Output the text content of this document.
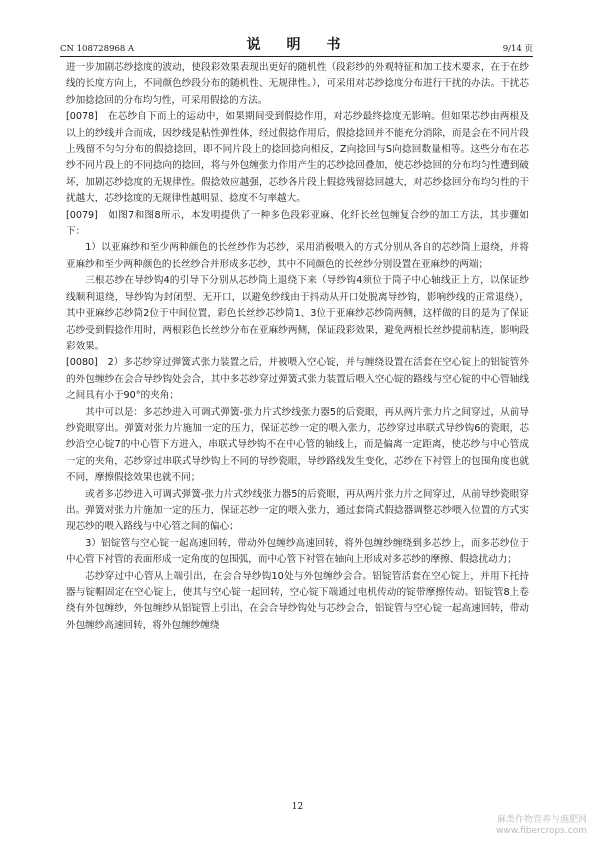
CN 108728968 A	说　明　书	9/14 页

进一步加剧芯纱捻度的波动，使段彩效果表现出更好的随机性（段彩纱的外观特征和加工技术要求，在于在纱线的长度方向上，不同颜色纱段分布的随机性、无规律性。），可采用对芯纱捻度分布进行干扰的办法。干扰芯纱加捻捻回的分布均匀性，可采用假捻的方法。

[0078]　在芯纱自下而上的运动中，如果期间受到假捻作用，对芯纱最终捻度无影响。但如果芯纱由两根及以上的纱线并合而成，因纱线是粘性弹性体，经过假捻作用后，假捻捻回并不能充分消除，而是会在不同片段上残留不匀匀分布的假捻捻回，即不同片段上的捻回捻向相反，Z向捻回与S向捻回数量相等。这些分布在芯纱不同片段上的不同捻向的捻回，将与外包缠张力作用产生的芯纱捻回叠加，使芯纱捻回的分布均匀性遭到破坏，加剧芯纱捻度的无规律性。假捻效应越强，芯纱各片段上假捻残留捻回越大，对芯纱捻回分布均匀性的干扰越大，芯纱捻度的无规律性越明显、捻度不匀率越大。

[0079]　如图7和图8所示，本发明提供了一种多色段彩亚麻、化纤长丝包缠复合纱的加工方法，其步骤如下：

1）以亚麻纱和至少两种颜色的长丝纱作为芯纱，采用消极喂入的方式分别从各自的芯纱筒上退绕，并将亚麻纱和至少两种颜色的长丝纱合并形成多芯纱，其中不同颜色的长丝纱分别设置在亚麻纱的两端；

三根芯纱在导纱钩4的引导下分别从芯纱筒上退绕下来（导纱钩4须位于筒子中心轴线正上方，以保证纱线顺利退绕，导纱钩为封闭型、无开口，以避免纱线由于抖动从开口处脱离导纱钩，影响纱线的正常退绕），其中亚麻纱芯纱筒2位于中间位置，彩色长丝纱芯纱筒1、3位于亚麻纱芯纱筒两侧，这样做的目的是为了保证芯纱受到假捻作用时，两根彩色长丝纱分布在亚麻纱两侧，保证段彩效果，避免两根长丝纱提前粘连，影响段彩效果。

[0080]　2）多芯纱穿过弹簧式张力装置之后，并被喂入空心锭，并与缠绕设置在活套在空心锭上的铝锭管外的外包缠纱在会合导纱钩处会合，其中多芯纱穿过弹簧式张力装置后喂入空心锭的路线与空心锭的中心管轴线之间具有小于90°的夹角；

其中可以是：多芯纱进入可调式弹簧-张力片式纱线张力器5的后瓷眼，再从两片张力片之间穿过，从前导纱瓷眼穿出。弹簧对张力片施加一定的压力，保证芯纱一定的喂入张力，芯纱穿过串联式导纱钩6的瓷眼，芯纱沿空心锭7的中心管下方进入，串联式导纱钩不在中心管的轴线上，而是偏离一定距离，使芯纱与中心管成一定的夹角，芯纱穿过串联式导纱钩上不同的导纱瓷眼，导纱路线发生变化，芯纱在下衬管上的包围角度也就不同，摩擦假捻效果也就不同；

或者多芯纱进入可调式弹簧-张力片式纱线张力器5的后瓷眼，再从两片张力片之间穿过，从前导纱瓷眼穿出。弹簧对张力片施加一定的压力，保证芯纱一定的喂入张力，通过套筒式假捻器调整芯纱喂入位置的方式实现芯纱的喂入路线与中心管之间的偏心；

3）铝锭管与空心锭一起高速回转，带动外包缠纱高速回转，将外包缠纱缠绕到多芯纱上，而多芯纱位于中心管下衬管的表面形成一定角度的包围弧，而中心管下衬管在轴向上形成对多芯纱的摩擦、假捻扰动力；

芯纱穿过中心管从上端引出，在会合导纱钩10处与外包缠纱会合。铝锭管活套在空心锭上，并用下托持器与锭帽固定在空心锭上，使其与空心锭一起回转，空心锭下端通过电机传动的锭带摩擦传动。铝锭管8上卷绕有外包缠纱，外包缠纱从铝锭管上引出，在会合导纱钩处与芯纱会合，铝锭管与空心锭一起高速回转，带动外包缠纱高速回转，将外包缠纱缠绕

12
麻类作物营养与施肥网
www.fibercrops.com
